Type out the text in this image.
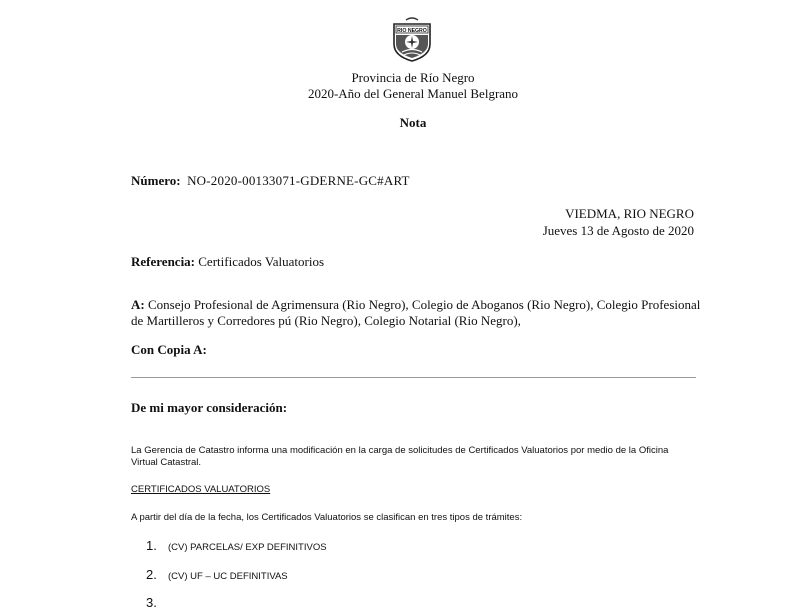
RIO NEGRO
Provincia de Río Negro
2020-Año del General Manuel Belgrano
Nota
Número: NO-2020-00133071-GDERNE-GC#ART
VIEDMA, RIO NEGRO
Jueves 13 de Agosto de 2020
Referencia: Certificados Valuatorios
A: Consejo Profesional de Agrimensura (Rio Negro), Colegio de Aboganos (Rio Negro), Colegio Profesional de Martilleros y Corredores pú (Rio Negro), Colegio Notarial (Rio Negro),
Con Copia A:
De mi mayor consideración:
La Gerencia de Catastro informa una modificación en la carga de solicitudes de Certificados Valuatorios por medio de la Oficina Virtual Catastral.
CERTIFICADOS VALUATORIOS
A partir del día de la fecha, los Certificados Valuatorios se clasifican en tres tipos de trámites:
1. (CV) PARCELAS/ EXP DEFINITIVOS
2. (CV) UF – UC DEFINITIVAS
3.
